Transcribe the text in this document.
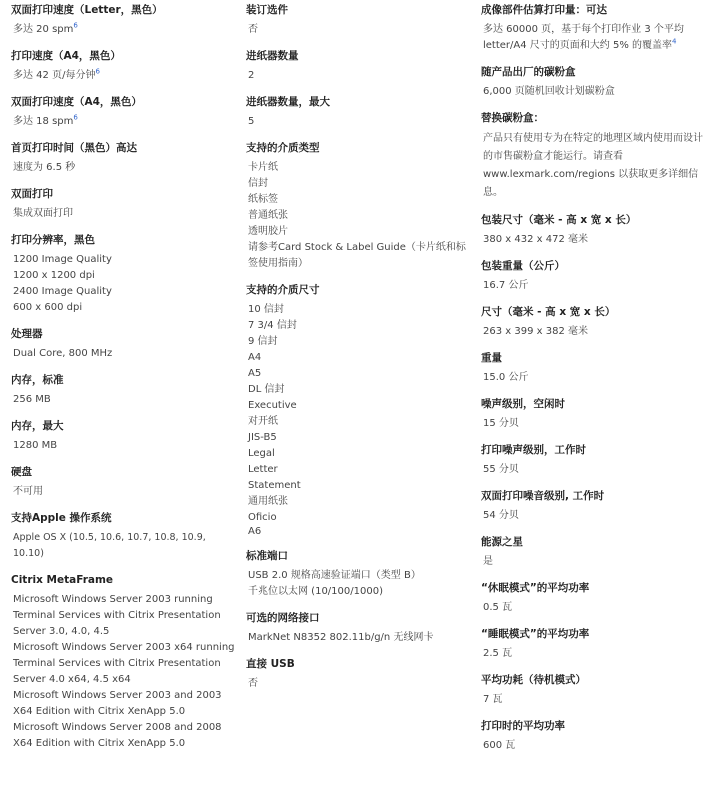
双面打印速度（Letter，黑色）
多达 20 spm$^6$
打印速度（A4，黑色）
多达 42 页/每分钟$^6$
双面打印速度（A4，黑色）
多达 18 spm$^6$
首页打印时间（黑色）高达
速度为 6.5 秒
双面打印
集成双面打印
打印分辨率，黑色
1200 Image Quality
1200 x 1200 dpi
2400 Image Quality
600 x 600 dpi
处理器
Dual Core, 800 MHz
内存，标准
256 MB
内存，最大
1280 MB
硬盘
不可用
支持Apple 操作系统
Apple OS X (10.5, 10.6, 10.7, 10.8, 10.9, 10.10)
Citrix MetaFrame
Microsoft Windows Server 2003 running Terminal Services with Citrix Presentation Server 3.0, 4.0, 4.5
Microsoft Windows Server 2003 x64 running Terminal Services with Citrix Presentation Server 4.0 x64, 4.5 x64
Microsoft Windows Server 2003 and 2003 X64 Edition with Citrix XenApp 5.0
Microsoft Windows Server 2008 and 2008 X64 Edition with Citrix XenApp 5.0
装订选件
否
进纸器数量
2
进纸器数量，最大
5
支持的介质类型
卡片纸
信封
纸标签
普通纸张
透明胶片
请参考Card Stock & Label Guide（卡片纸和标签使用指南）
支持的介质尺寸
10 信封
7 3/4 信封
9 信封
A4
A5
DL 信封
Executive
对开纸
JIS-B5
Legal
Letter
Statement
通用纸张
Oficio
A6
标准端口
USB 2.0 规格高速验证端口（类型 B）
千兆位以太网 (10/100/1000)
可选的网络接口
MarkNet N8352 802.11b/g/n 无线网卡
直接 USB
否
成像部件估算打印量：可达
多达 60000 页，基于每个打印作业 3 个平均letter/A4 尺寸的页面和大约 5% 的覆盖率$^4$
随产品出厂的碳粉盒
6,000 页随机回收计划碳粉盒
替换碳粉盒：
产品只有使用专为在特定的地理区域内使用而设计的市售碳粉盒才能运行。请查看www.lexmark.com/regions 以获取更多详细信息。
包装尺寸（毫米 - 高 x 宽 x 长）
380 x 432 x 472 毫米
包装重量（公斤）
16.7 公斤
尺寸（毫米 - 高 x 宽 x 长）
263 x 399 x 382 毫米
重量
15.0 公斤
噪声级别，空闲时
15 分贝
打印噪声级别，工作时
55 分贝
双面打印噪音级别, 工作时
54 分贝
能源之星
是
“休眠模式”的平均功率
0.5 瓦
“睡眠模式”的平均功率
2.5 瓦
平均功耗（待机模式）
7 瓦
打印时的平均功率
600 瓦
